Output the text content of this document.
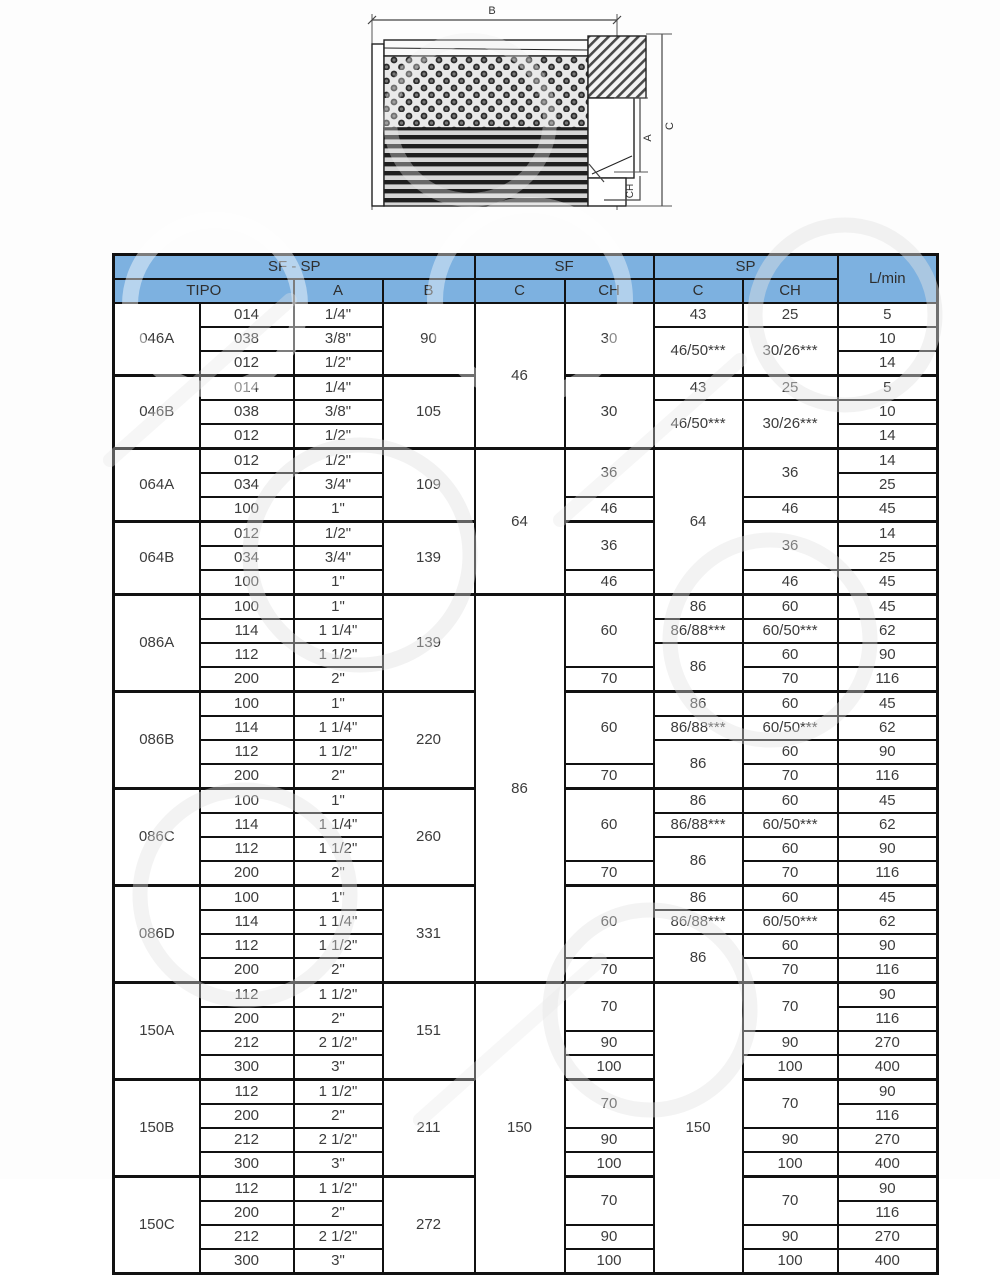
B
C
A
CH
SF - SP				SF		SP		L/min
TIPO		A	B	C	CH	C	CH	
046A	014	1/4"	90	46	30	43	25	5
	038	3/8"				46/50***	30/26***	10
	012	1/2"						14
046B	014	1/4"	105		30	43	25	5
	038	3/8"				46/50***	30/26***	10
	012	1/2"						14
064A	012	1/2"	109	64	36	64	36	14
	034	3/4"						25
	100	1"			46		46	45
064B	012	1/2"	139		36		36	14
	034	3/4"						25
	100	1"			46		46	45
086A	100	1"	139	86	60	86	60	45
	114	1 1/4"				86/88***	60/50***	62
	112	1 1/2"				86	60	90
	200	2"			70		70	116
086B	100	1"	220		60	86	60	45
	114	1 1/4"				86/88***	60/50***	62
	112	1 1/2"				86	60	90
	200	2"			70		70	116
086C	100	1"	260		60	86	60	45
	114	1 1/4"				86/88***	60/50***	62
	112	1 1/2"				86	60	90
	200	2"			70		70	116
086D	100	1"	331		60	86	60	45
	114	1 1/4"				86/88***	60/50***	62
	112	1 1/2"				86	60	90
	200	2"			70		70	116
150A	112	1 1/2"	151	150	70	150	70	90
	200	2"						116
	212	2 1/2"			90		90	270
	300	3"			100		100	400
150B	112	1 1/2"	211		70		70	90
	200	2"						116
	212	2 1/2"			90		90	270
	300	3"			100		100	400
150C	112	1 1/2"	272		70		70	90
	200	2"						116
	212	2 1/2"			90		90	270
	300	3"			100		100	400
